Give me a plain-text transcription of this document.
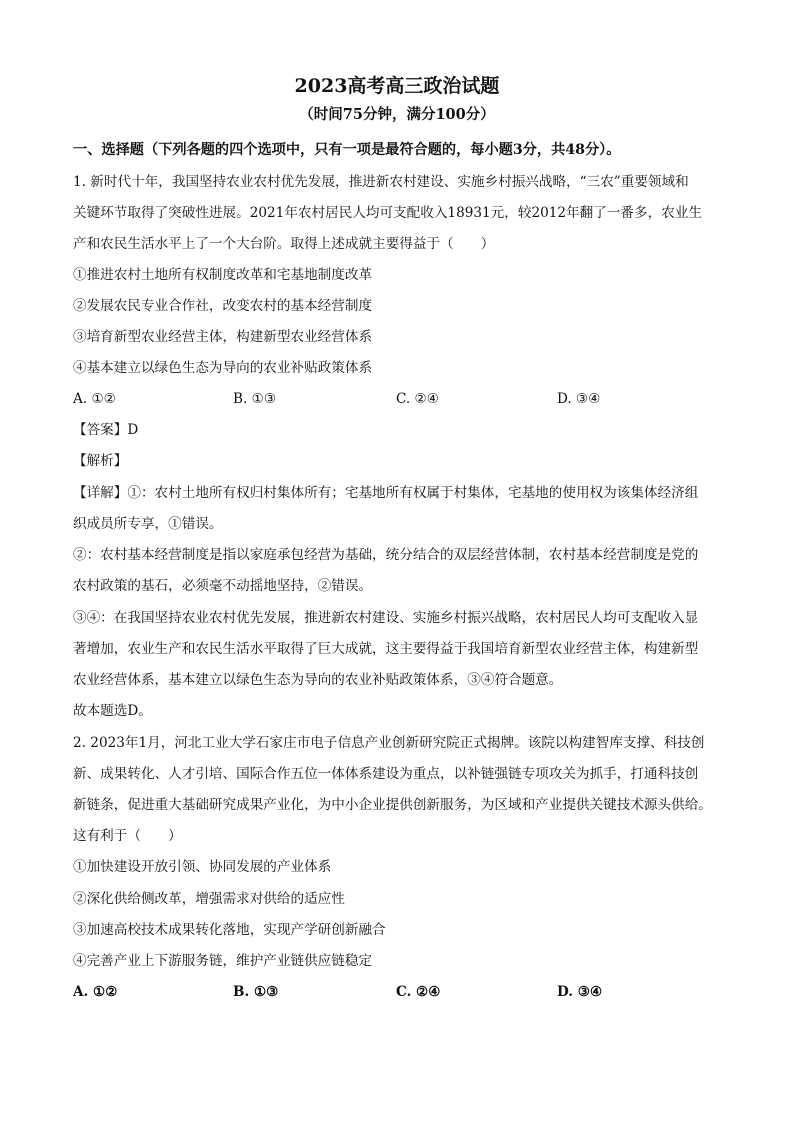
2023高考高三政治试题
（时间75分钟，满分100分）
一、选择题（下列各题的四个选项中，只有一项是最符合题的，每小题3分，共48分）。
1. 新时代十年，我国坚持农业农村优先发展，推进新农村建设、实施乡村振兴战略，“三农”重要领域和
关键环节取得了突破性进展。2021年农村居民人均可支配收入18931元，较2012年翻了一番多，农业生
产和农民生活水平上了一个大台阶。取得上述成就主要得益于（　　）
①推进农村土地所有权制度改革和宅基地制度改革
②发展农民专业合作社，改变农村的基本经营制度
③培育新型农业经营主体，构建新型农业经营体系
④基本建立以绿色生态为导向的农业补贴政策体系
A. ①②	B. ①③	C. ②④	D. ③④
【答案】D
【解析】
【详解】①：农村土地所有权归村集体所有；宅基地所有权属于村集体，宅基地的使用权为该集体经济组
织成员所专享，①错误。
②：农村基本经营制度是指以家庭承包经营为基础，统分结合的双层经营体制，农村基本经营制度是党的
农村政策的基石，必须毫不动摇地坚持，②错误。
③④：在我国坚持农业农村优先发展，推进新农村建设、实施乡村振兴战略，农村居民人均可支配收入显
著增加，农业生产和农民生活水平取得了巨大成就，这主要得益于我国培育新型农业经营主体，构建新型
农业经营体系，基本建立以绿色生态为导向的农业补贴政策体系，③④符合题意。
故本题选D。
2. 2023年1月，河北工业大学石家庄市电子信息产业创新研究院正式揭牌。该院以构建智库支撑、科技创
新、成果转化、人才引培、国际合作五位一体体系建设为重点，以补链强链专项攻关为抓手，打通科技创
新链条，促进重大基础研究成果产业化，为中小企业提供创新服务，为区域和产业提供关键技术源头供给。
这有利于（　　）
①加快建设开放引领、协同发展的产业体系
②深化供给侧改革，增强需求对供给的适应性
③加速高校技术成果转化落地，实现产学研创新融合
④完善产业上下游服务链，维护产业链供应链稳定
A. ①②	B. ①③	C. ②④	D. ③④
